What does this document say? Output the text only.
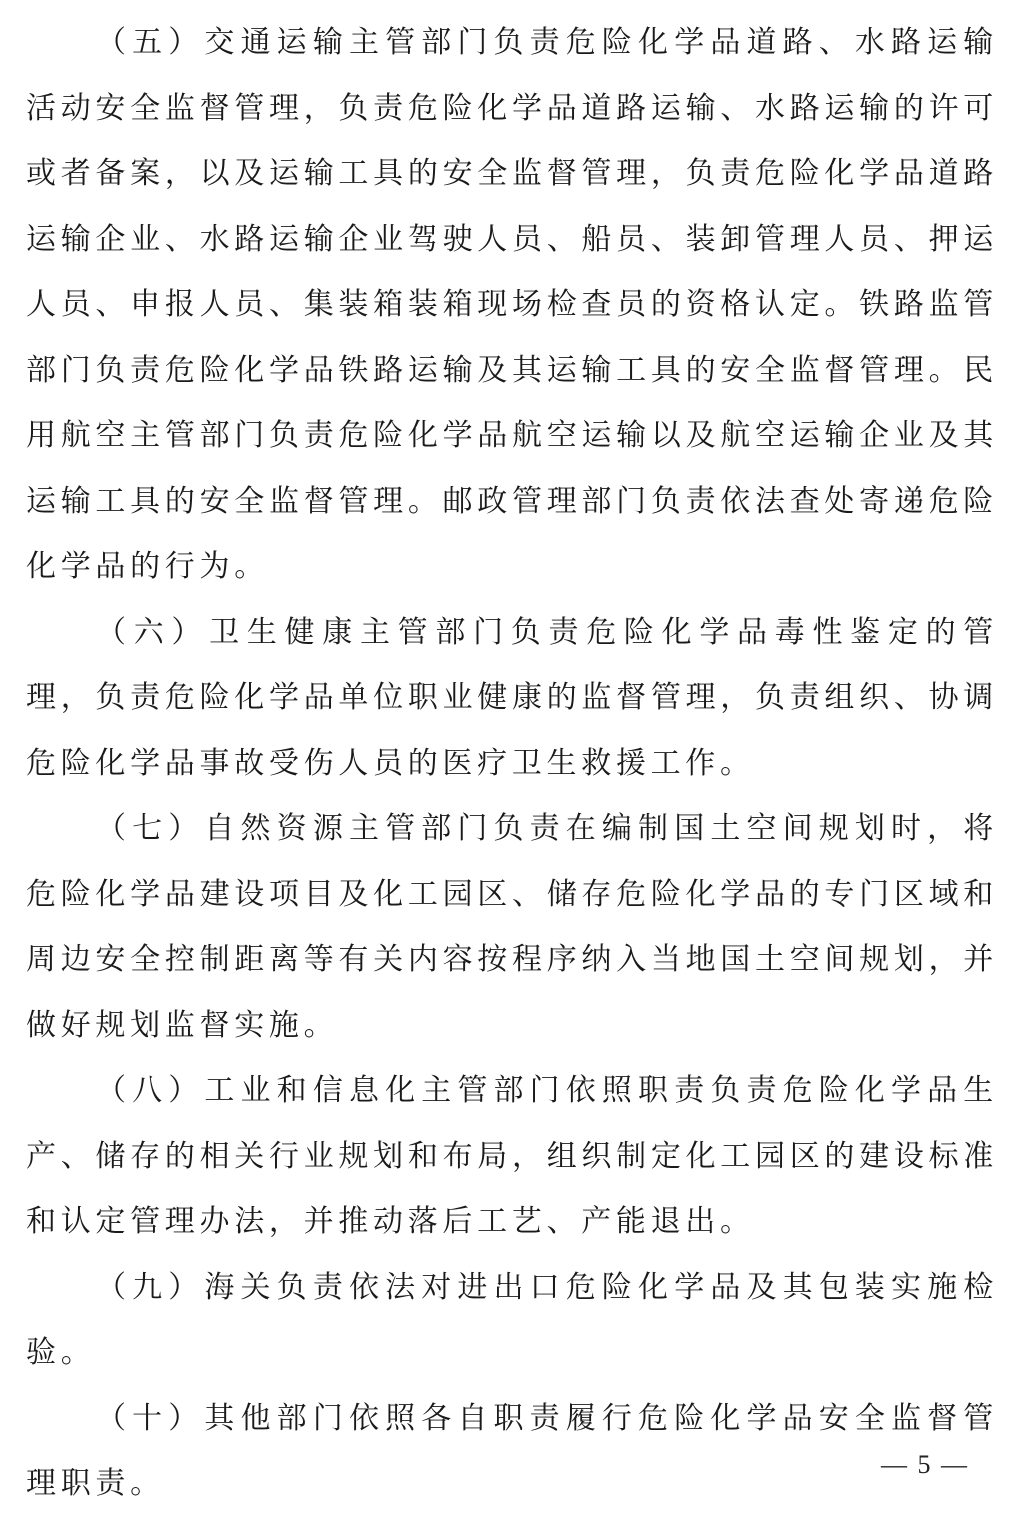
（五）交通运输主管部门负责危险化学品道路、水路运输活动安全监督管理，负责危险化学品道路运输、水路运输的许可或者备案，以及运输工具的安全监督管理，负责危险化学品道路运输企业、水路运输企业驾驶人员、船员、装卸管理人员、押运人员、申报人员、集装箱装箱现场检查员的资格认定。铁路监管部门负责危险化学品铁路运输及其运输工具的安全监督管理。民用航空主管部门负责危险化学品航空运输以及航空运输企业及其运输工具的安全监督管理。邮政管理部门负责依法查处寄递危险化学品的行为。

（六）卫生健康主管部门负责危险化学品毒性鉴定的管理，负责危险化学品单位职业健康的监督管理，负责组织、协调危险化学品事故受伤人员的医疗卫生救援工作。

（七）自然资源主管部门负责在编制国土空间规划时，将危险化学品建设项目及化工园区、储存危险化学品的专门区域和周边安全控制距离等有关内容按程序纳入当地国土空间规划，并做好规划监督实施。

（八）工业和信息化主管部门依照职责负责危险化学品生产、储存的相关行业规划和布局，组织制定化工园区的建设标准和认定管理办法，并推动落后工艺、产能退出。

（九）海关负责依法对进出口危险化学品及其包装实施检验。

（十）其他部门依照各自职责履行危险化学品安全监督管理职责。

— 5 —
